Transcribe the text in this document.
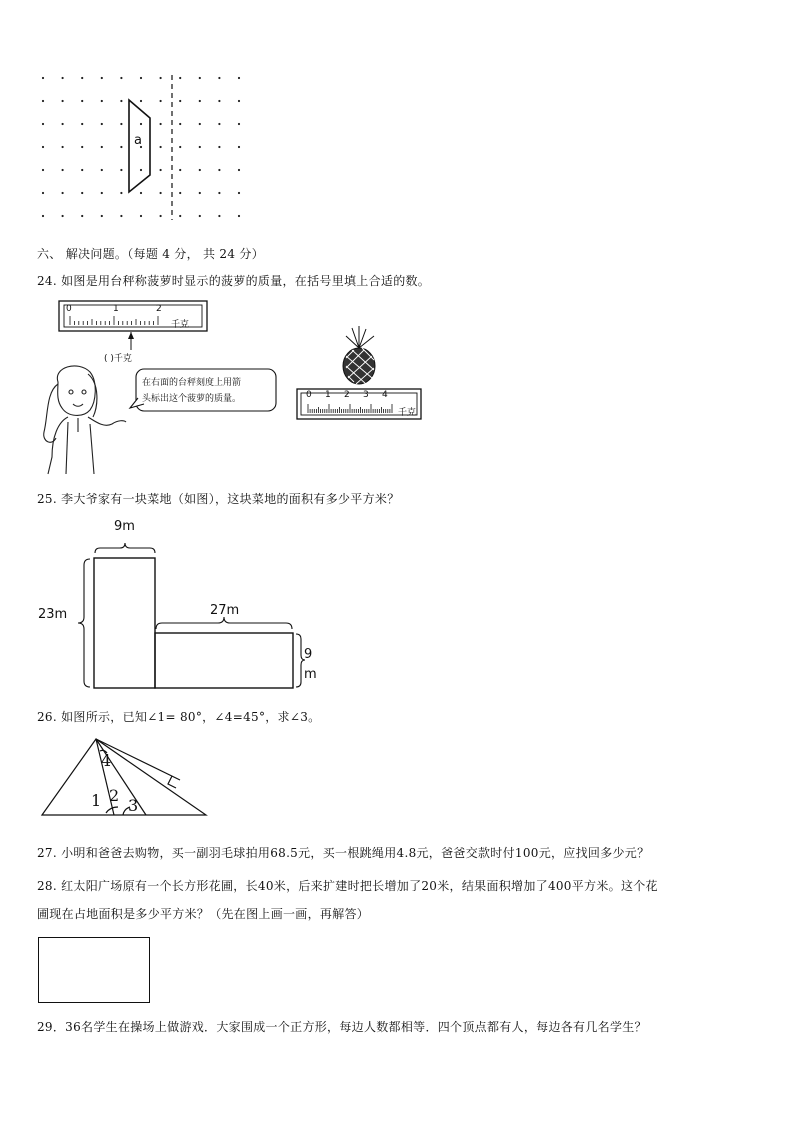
a
六、 解决问题。（每题 4 分， 共 24 分）
24. 如图是用台秤称菠萝时显示的菠萝的质量，在括号里填上合适的数。
0	1	2
千克
( )千克
在右面的台秤刻度上用箭
头标出这个菠萝的质量。	0 1 2 3 4
千克
25. 李大爷家有一块菜地（如图），这块菜地的面积有多少平方米？
9m
23m	27m
9
m
26. 如图所示，已知∠1= 80°，∠4=45°，求∠3。
4
1 2
3
27. 小明和爸爸去购物，买一副羽毛球拍用68.5元，买一根跳绳用4.8元，爸爸交款时付100元，应找回多少元？
28. 红太阳广场原有一个长方形花圃，长40米，后来扩建时把长增加了20米，结果面积增加了400平方米。这个花
圃现在占地面积是多少平方米？（先在图上画一画，再解答）
29．36名学生在操场上做游戏．大家围成一个正方形，每边人数都相等．四个顶点都有人，每边各有几名学生？
